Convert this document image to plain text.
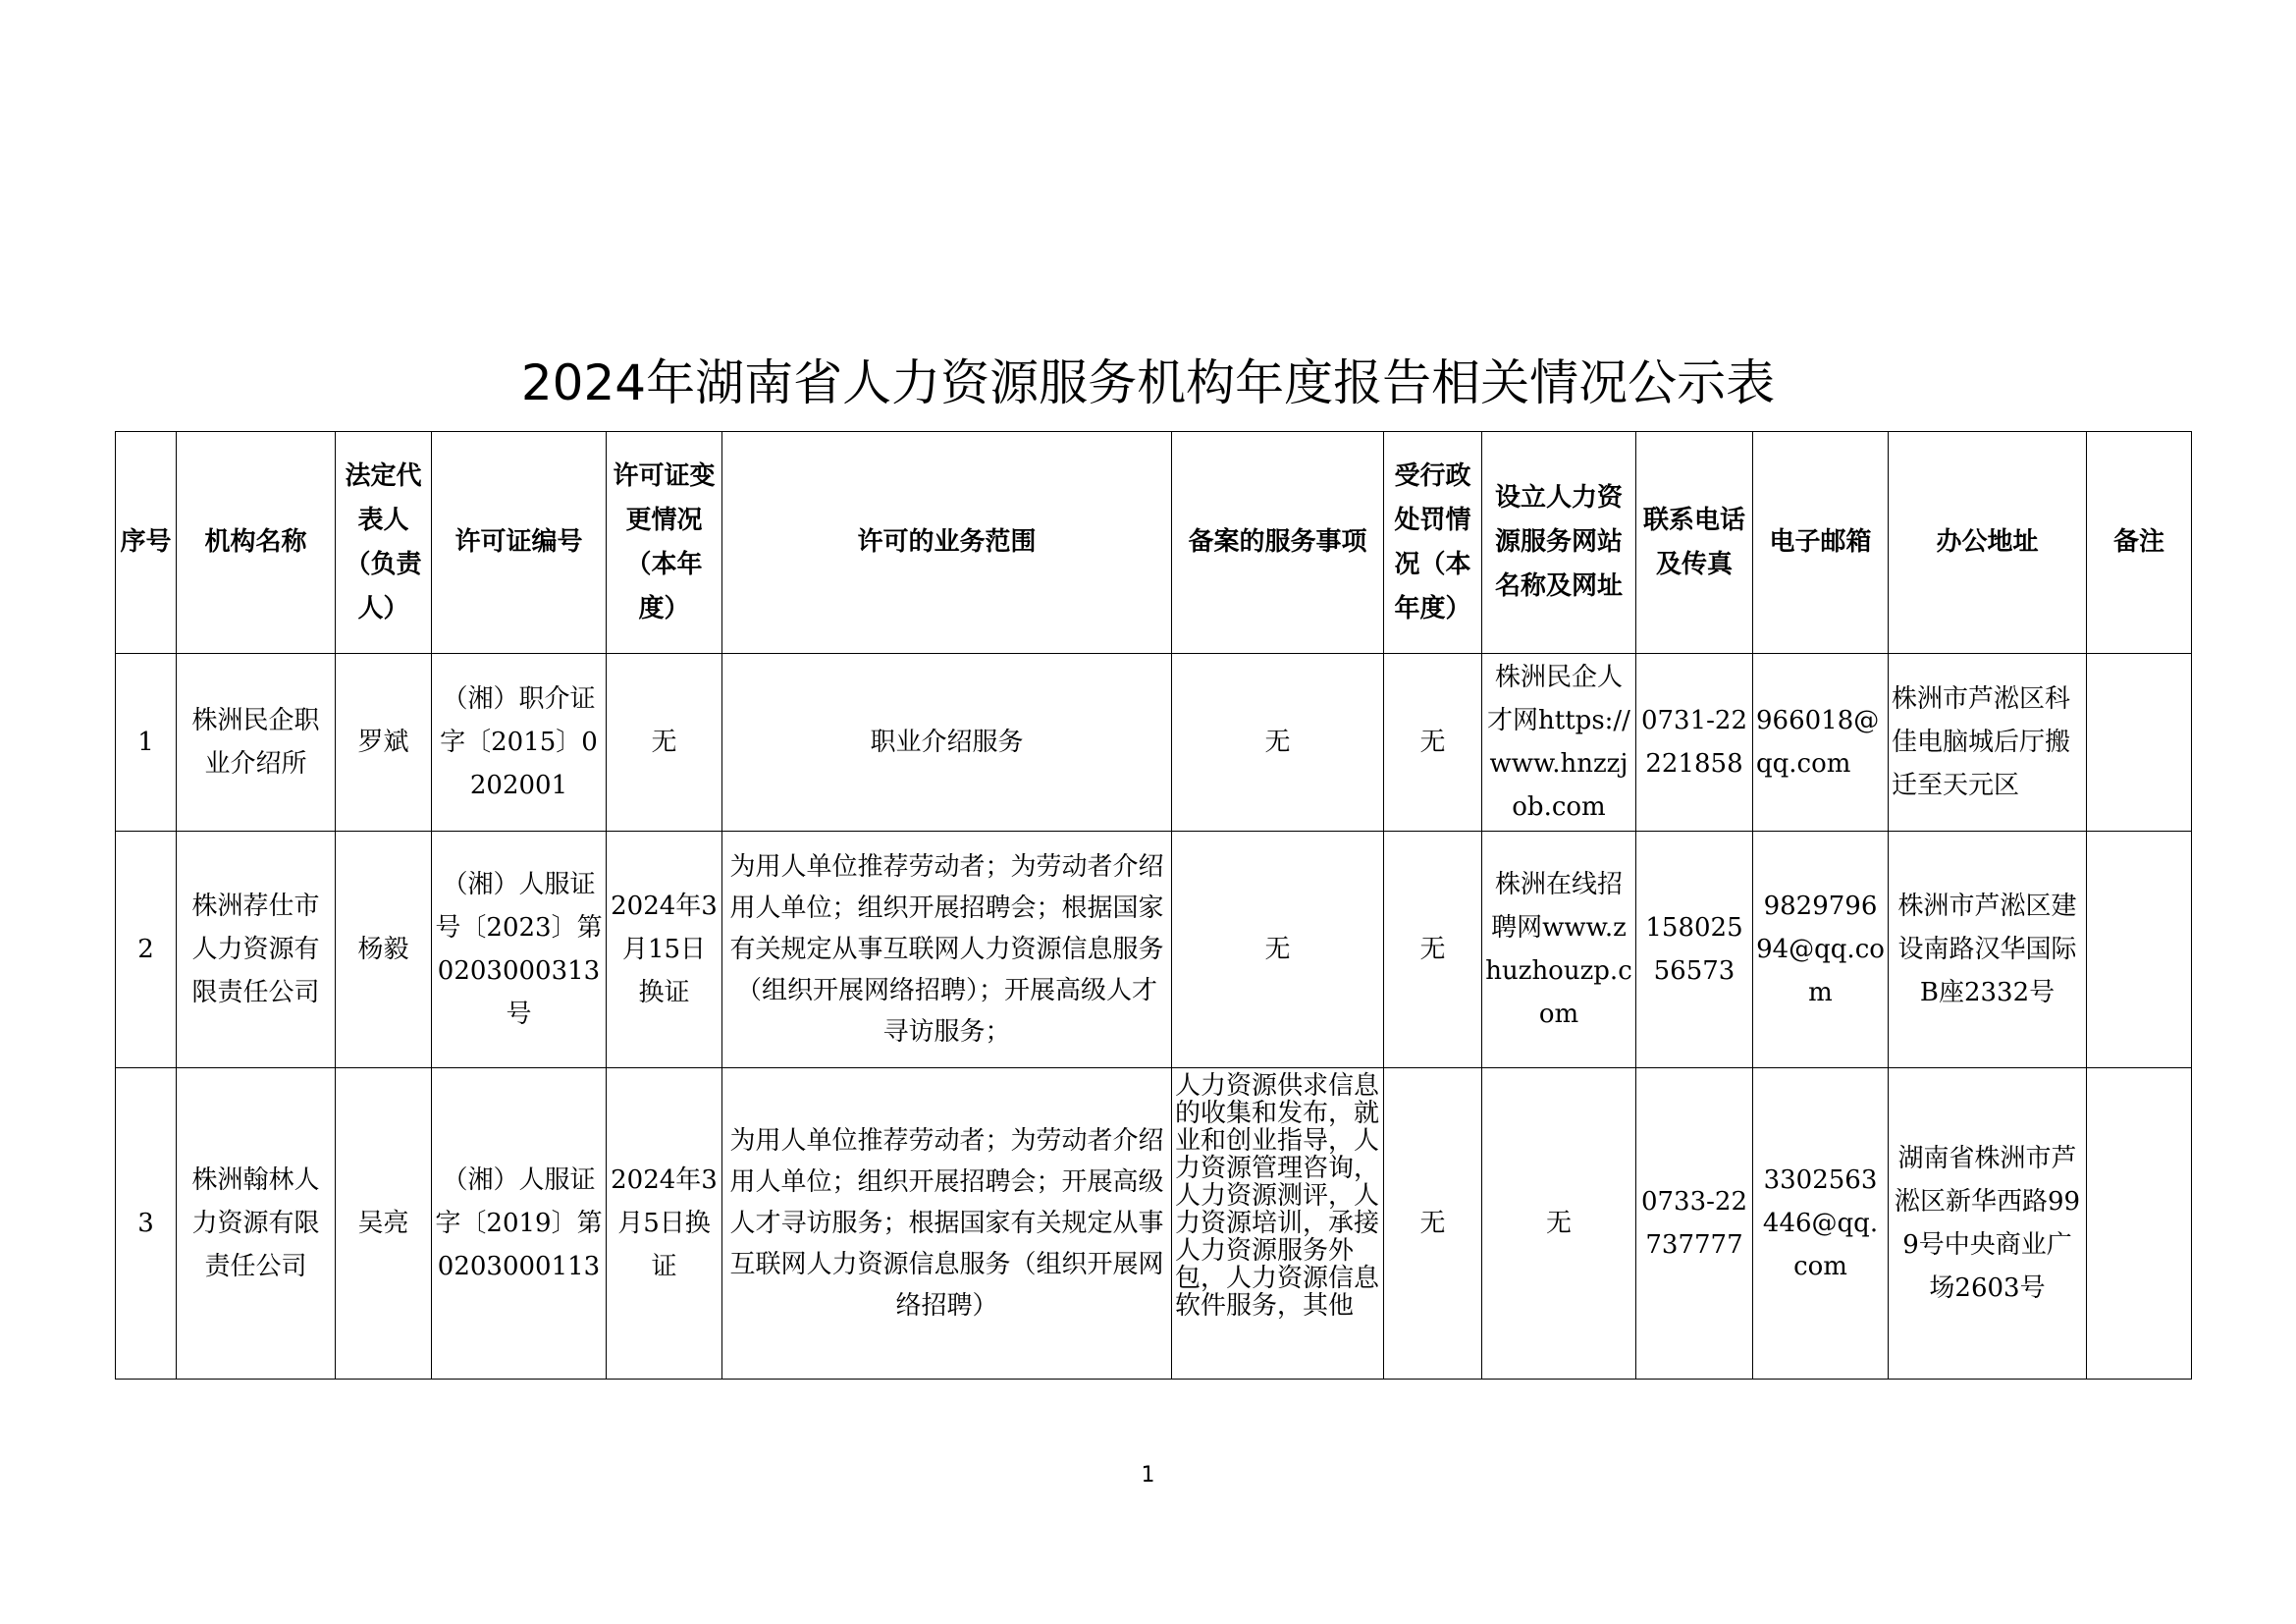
2024年湖南省人力资源服务机构年度报告相关情况公示表
序号	机构名称	法定代表人（负责人）	许可证编号	许可证变更情况（本年度）	许可的业务范围	备案的服务事项	受行政处罚情况（本年度）	设立人力资源服务网站名称及网址	联系电话及传真	电子邮箱	办公地址	备注
1	株洲民企职业介绍所	罗斌	（湘）职介证字〔2015〕0202001	无	职业介绍服务	无	无	株洲民企人才网https://www.hnzzjob.com	0731-22221858	966018@qq.com	株洲市芦淞区科佳电脑城后厅搬迁至天元区	
2	株洲荐仕市人力资源有限责任公司	杨毅	（湘）人服证号〔2023〕第0203000313号	2024年3月15日换证	为用人单位推荐劳动者；为劳动者介绍用人单位；组织开展招聘会；根据国家有关规定从事互联网人力资源信息服务（组织开展网络招聘）；开展高级人才寻访服务；	无	无	株洲在线招聘网www.zhuzhouzp.com	15802556573	982979694@qq.com	株洲市芦淞区建设南路汉华国际B座2332号	
3	株洲翰林人力资源有限责任公司	吴亮	（湘）人服证字〔2019〕第0203000113	2024年3月5日换证	为用人单位推荐劳动者；为劳动者介绍用人单位；组织开展招聘会；开展高级人才寻访服务；根据国家有关规定从事互联网人力资源信息服务（组织开展网络招聘）	人力资源供求信息的收集和发布，就业和创业指导，人力资源管理咨询，人力资源测评，人力资源培训，承接人力资源服务外包，人力资源信息软件服务，其他	无	无	0733-22737777	3302563446@qq.com	湖南省株洲市芦淞区新华西路999号中央商业广场2603号	
1
